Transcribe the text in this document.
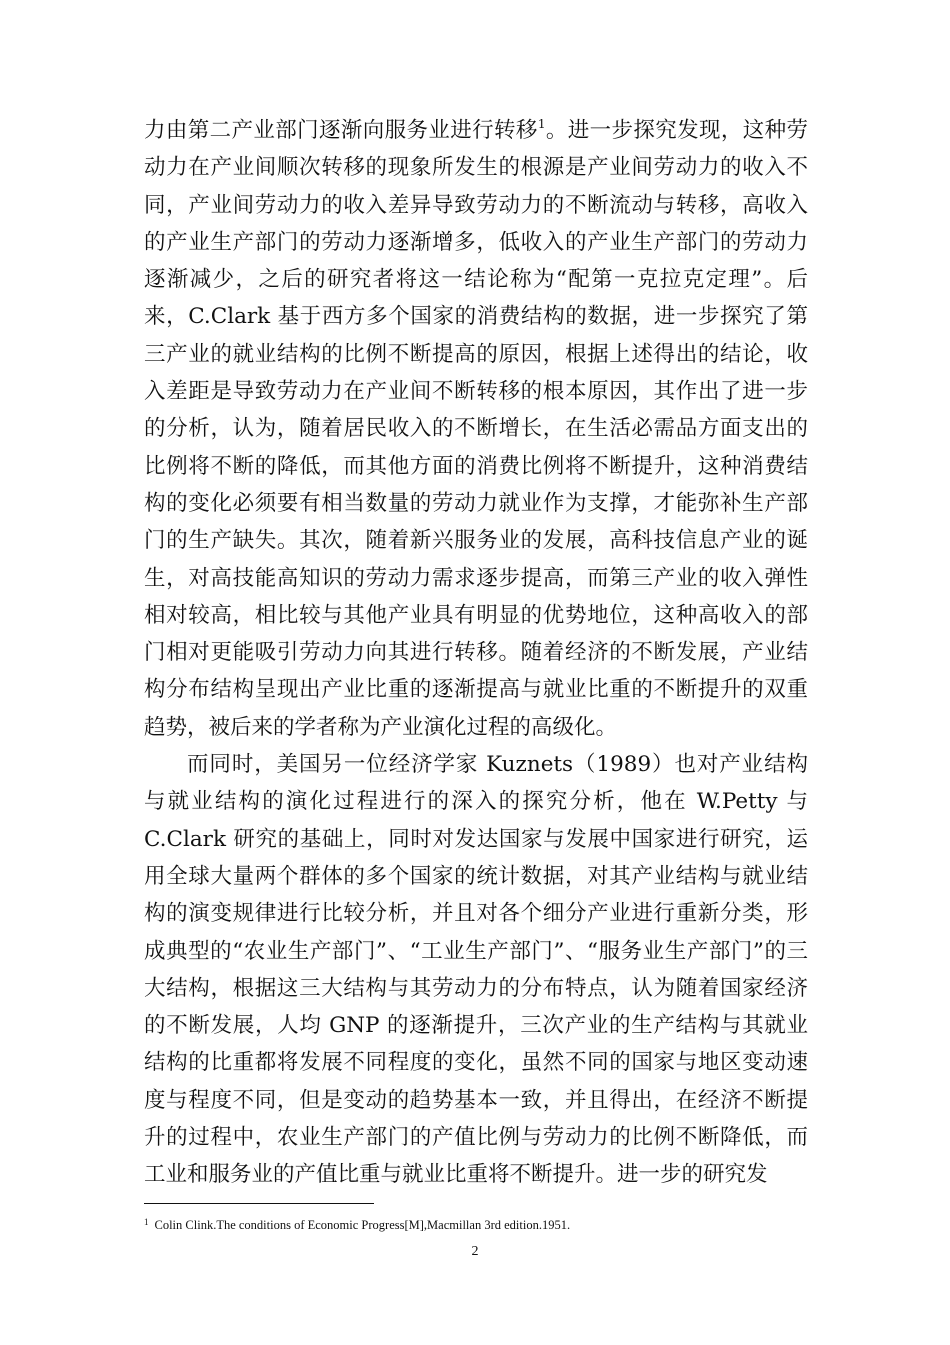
力由第二产业部门逐渐向服务业进行转移$^1$。进一步探究发现，这种劳动力在产业间顺次转移的现象所发生的根源是产业间劳动力的收入不同，产业间劳动力的收入差异导致劳动力的不断流动与转移，高收入的产业生产部门的劳动力逐渐增多，低收入的产业生产部门的劳动力逐渐减少，之后的研究者将这一结论称为“配第一克拉克定理”。后来，C.Clark 基于西方多个国家的消费结构的数据，进一步探究了第三产业的就业结构的比例不断提高的原因，根据上述得出的结论，收入差距是导致劳动力在产业间不断转移的根本原因，其作出了进一步的分析，认为，随着居民收入的不断增长，在生活必需品方面支出的比例将不断的降低，而其他方面的消费比例将不断提升，这种消费结构的变化必须要有相当数量的劳动力就业作为支撑，才能弥补生产部门的生产缺失。其次，随着新兴服务业的发展，高科技信息产业的诞生，对高技能高知识的劳动力需求逐步提高，而第三产业的收入弹性相对较高，相比较与其他产业具有明显的优势地位，这种高收入的部门相对更能吸引劳动力向其进行转移。随着经济的不断发展，产业结构分布结构呈现出产业比重的逐渐提高与就业比重的不断提升的双重趋势，被后来的学者称为产业演化过程的高级化。

而同时，美国另一位经济学家 Kuznets（1989）也对产业结构与就业结构的演化过程进行的深入的探究分析，他在 W.Petty 与 C.Clark 研究的基础上，同时对发达国家与发展中国家进行研究，运用全球大量两个群体的多个国家的统计数据，对其产业结构与就业结构的演变规律进行比较分析，并且对各个细分产业进行重新分类，形成典型的“农业生产部门”、“工业生产部门”、“服务业生产部门”的三大结构，根据这三大结构与其劳动力的分布特点，认为随着国家经济的不断发展，人均 GNP 的逐渐提升，三次产业的生产结构与其就业结构的比重都将发展不同程度的变化，虽然不同的国家与地区变动速度与程度不同，但是变动的趋势基本一致，并且得出，在经济不断提升的过程中，农业生产部门的产值比例与劳动力的比例不断降低，而工业和服务业的产值比重与就业比重将不断提升。进一步的研究发

$^1$ Colin Clink.The conditions of Economic Progress[M],Macmillan 3rd edition.1951.
2
